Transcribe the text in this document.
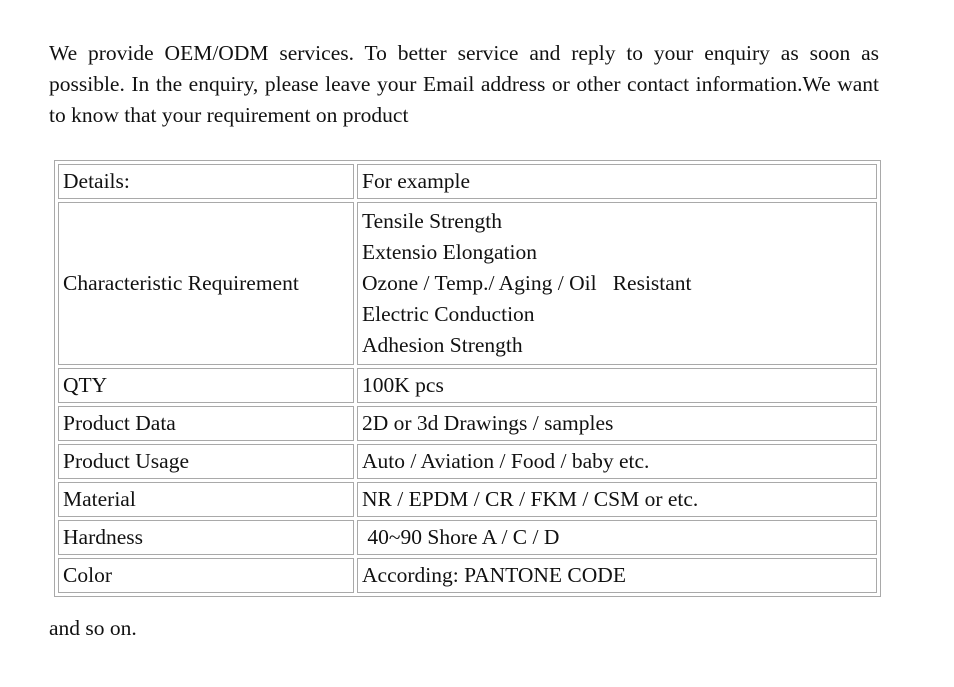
We provide OEM/ODM services. To better service and reply to your enquiry as soon as possible. In the enquiry, please leave your Email address or other contact information.We want to know that your requirement on product

Details:	For example
Characteristic Requirement	Tensile Strength
Extensio Elongation
Ozone / Temp./ Aging / Oil   Resistant
Electric Conduction
Adhesion Strength

QTY	100K pcs
Product Data	2D or 3d Drawings / samples
Product Usage	Auto / Aviation / Food / baby etc.
Material	NR / EPDM / CR / FKM / CSM or etc.
Hardness	40~90 Shore A / C / D
Color	According: PANTONE CODE

and so on.
